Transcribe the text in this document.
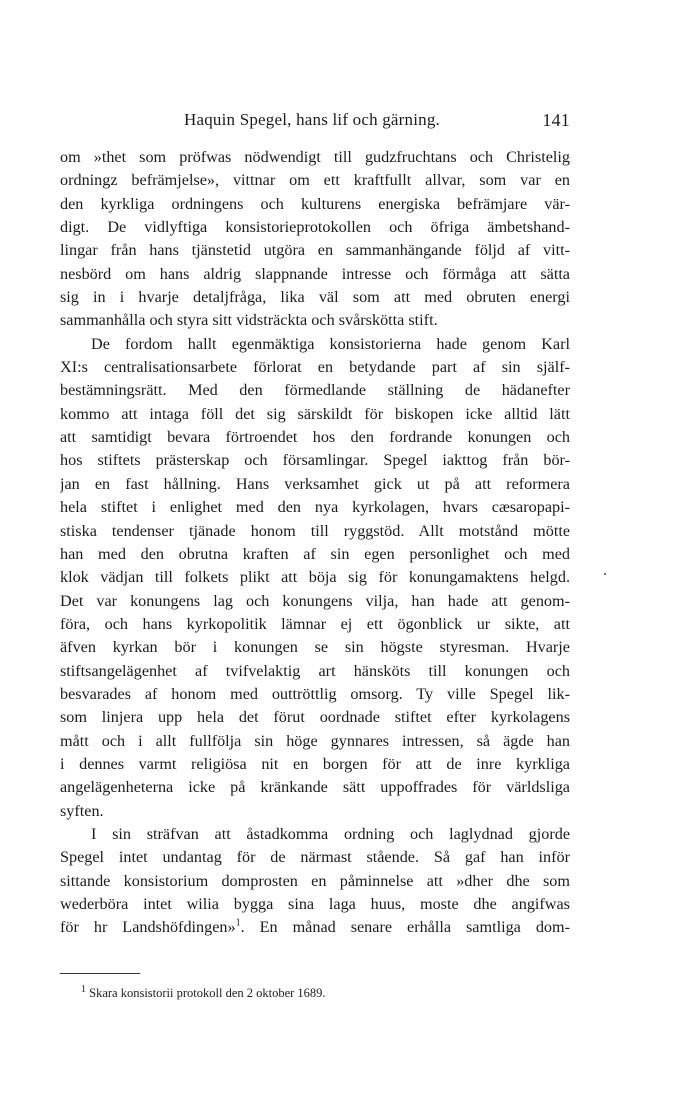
Haquin Spegel, hans lif och gärning.	141
om »thet som pröfwas nödwendigt till gudzfruchtans och Christelig
ordningz befrämjelse», vittnar om ett kraftfullt allvar, som var en
den kyrkliga ordningens och kulturens energiska befrämjare vär-
digt. De vidlyftiga konsistorieprotokollen och öfriga ämbetshand-
lingar från hans tjänstetid utgöra en sammanhängande följd af vitt-
nesbörd om hans aldrig slappnande intresse och förmåga att sätta
sig in i hvarje detaljfråga, lika väl som att med obruten energi
sammanhålla och styra sitt vidsträckta och svårskötta stift.
De fordom hallt egenmäktiga konsistorierna hade genom Karl
XI:s centralisationsarbete förlorat en betydande part af sin själf-
bestämningsrätt. Med den förmedlande ställning de hädanefter
kommo att intaga föll det sig särskildt för biskopen icke alltid lätt
att samtidigt bevara förtroendet hos den fordrande konungen och
hos stiftets prästerskap och församlingar. Spegel iakttog från bör-
jan en fast hållning. Hans verksamhet gick ut på att reformera
hela stiftet i enlighet med den nya kyrkolagen, hvars cæsaropapi-
stiska tendenser tjänade honom till ryggstöd. Allt motstånd mötte
han med den obrutna kraften af sin egen personlighet och med
klok vädjan till folkets plikt att böja sig för konungamaktens helgd.
Det var konungens lag och konungens vilja, han hade att genom-
föra, och hans kyrkopolitik lämnar ej ett ögonblick ur sikte, att
äfven kyrkan bör i konungen se sin högste styresman. Hvarje
stiftsangelägenhet af tvifvelaktig art hänsköts till konungen och
besvarades af honom med outtröttlig omsorg. Ty ville Spegel lik-
som linjera upp hela det förut oordnade stiftet efter kyrkolagens
mått och i allt fullfölja sin höge gynnares intressen, så ägde han
i dennes varmt religiösa nit en borgen för att de inre kyrkliga
angelägenheterna icke på kränkande sätt uppoffrades för världsliga
syften.
I sin sträfvan att åstadkomma ordning och laglydnad gjorde
Spegel intet undantag för de närmast stående. Så gaf han inför
sittande konsistorium domprosten en påminnelse att »dher dhe som
wederböra intet wilia bygga sina laga huus, moste dhe angifwas
för hr Landshöfdingen»$^1$. En månad senare erhålla samtliga dom-
$^1$ Skara konsistorii protokoll den 2 oktober 1689.
